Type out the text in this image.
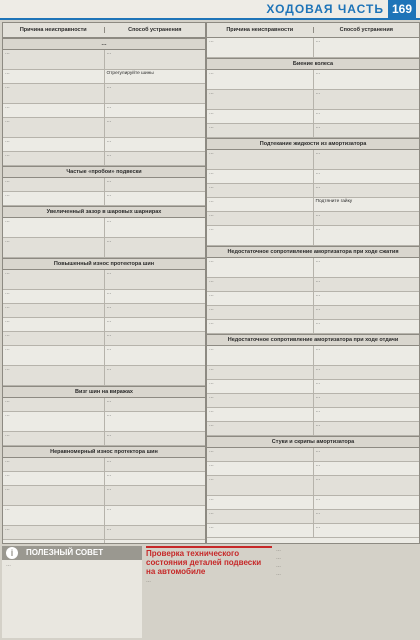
ХОДОВАЯ ЧАСТЬ 169
Причина неисправности	Способ устранения
…
…	…
…	Отрегулируйте шины
…	…
…	…
…	…
…	…
…	…
Частые «пробои» подвески
…	…
…	…
Увеличенный зазор в шаровых шарнирах
…	…
…	…
Повышенный износ протектора шин
…	…
…	…
…	…
…	…
…	…
…	…
…	…
Визг шин на виражах
…	…
…	…
…	…
Неравномерный износ протектора шин
…	…
…	…
…	…
…	…
…	…
…	…
Причина неисправности	Способ устранения
…	…
Биение колеса
…	…
…	…
…	…
…	…
Подтекание жидкости из амортизатора
…	…
…	…
…	…
…	Подтяните гайку
…	…
…	…
Недостаточное сопротивление амортизатора при ходе сжатия
…	…
…	…
…	…
…	…
…	…
Недостаточное сопротивление амортизатора при ходе отдачи
…	…
…	…
…	…
…	…
…	…
…	…
Стуки и скрипы амортизатора
…	…
…	…
…	…
…	…
…	…
…	…
i	ПОЛЕЗНЫЙ СОВЕТ

…

Проверка технического состояния деталей подвески на автомобиле

…

…

…

…

…
